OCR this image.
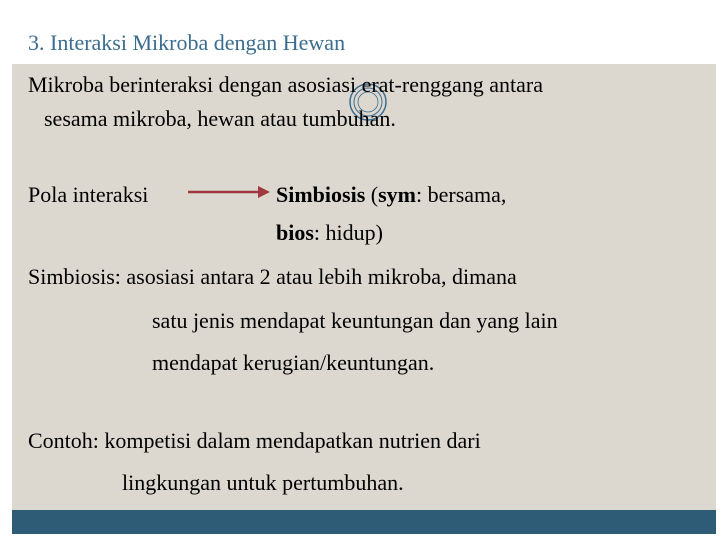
3. Interaksi Mikroba dengan Hewan
Mikroba berinteraksi dengan asosiasi erat-renggang antara
sesama mikroba, hewan atau tumbuhan.
Pola interaksi	Simbiosis (sym: bersama,
bios: hidup)
Simbiosis: asosiasi antara 2 atau lebih mikroba, dimana
satu jenis mendapat keuntungan dan yang lain
mendapat kerugian/keuntungan.
Contoh: kompetisi dalam mendapatkan nutrien dari
lingkungan untuk pertumbuhan.
